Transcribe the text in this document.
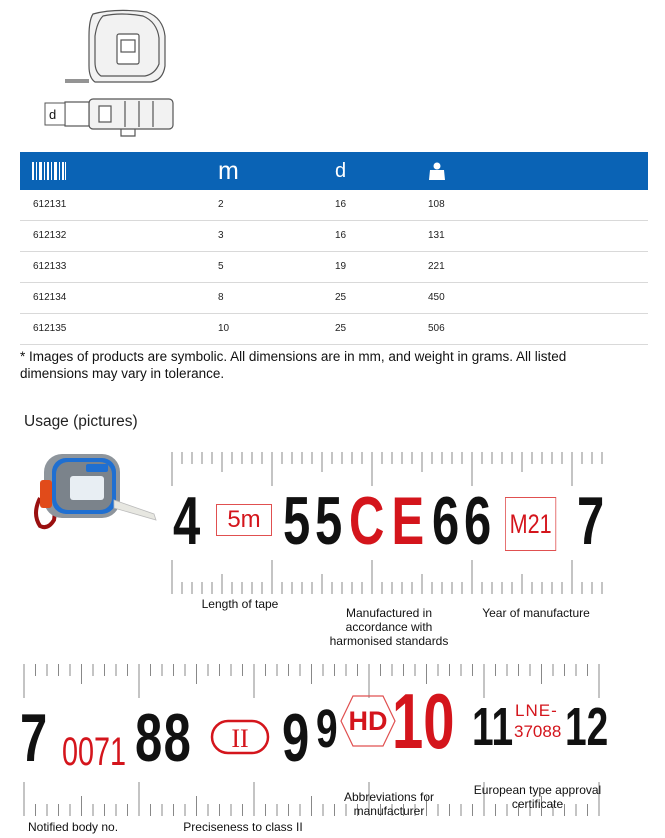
d
m	d
612131	2	16	108
612132	3	16	131
612133	5	19	221
612134	8	25	450
612135	10	25	506
* Images of products are symbolic. All dimensions are in mm, and weight in grams. All listed dimensions may vary in tolerance.
Usage (pictures)
4	5m 5 5 CE 6 6 M21 7
Length of tape
Manufactured in accordance with harmonised standards
Year of manufacture
7 0071 88 II 9 9 HD 10 11 LNE-
37088 12
Abbreviations for manufacturer
European type approval certificate
Notified body no.	Preciseness to class II
